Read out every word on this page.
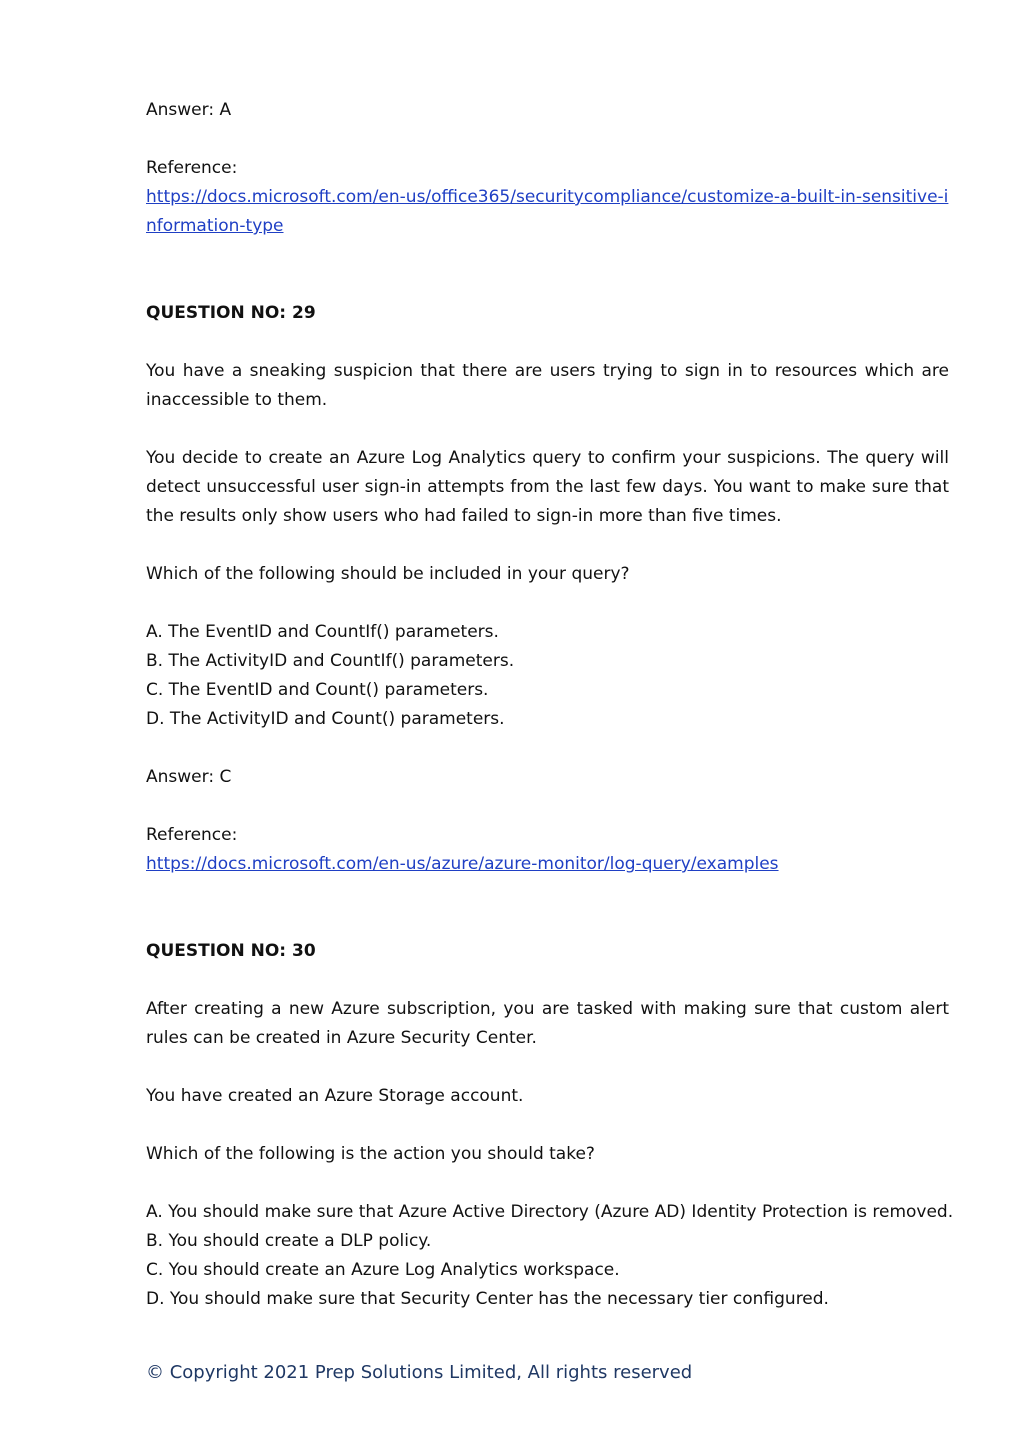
Answer: A

Reference:

https://docs.microsoft.com/en-us/office365/securitycompliance/customize-a-built-in-sensitive-information-type

QUESTION NO: 29

You have a sneaking suspicion that there are users trying to sign in to resources which are inaccessible to them.

You decide to create an Azure Log Analytics query to confirm your suspicions. The query will detect unsuccessful user sign-in attempts from the last few days. You want to make sure that the results only show users who had failed to sign-in more than five times.

Which of the following should be included in your query?

A. The EventID and CountIf() parameters.

B. The ActivityID and CountIf() parameters.

C. The EventID and Count() parameters.

D. The ActivityID and Count() parameters.

Answer: C

Reference:

https://docs.microsoft.com/en-us/azure/azure-monitor/log-query/examples

QUESTION NO: 30

After creating a new Azure subscription, you are tasked with making sure that custom alert rules can be created in Azure Security Center.

You have created an Azure Storage account.

Which of the following is the action you should take?

A. You should make sure that Azure Active Directory (Azure AD) Identity Protection is removed.

B. You should create a DLP policy.

C. You should create an Azure Log Analytics workspace.

D. You should make sure that Security Center has the necessary tier configured.

© Copyright 2021 Prep Solutions Limited, All rights reserved
